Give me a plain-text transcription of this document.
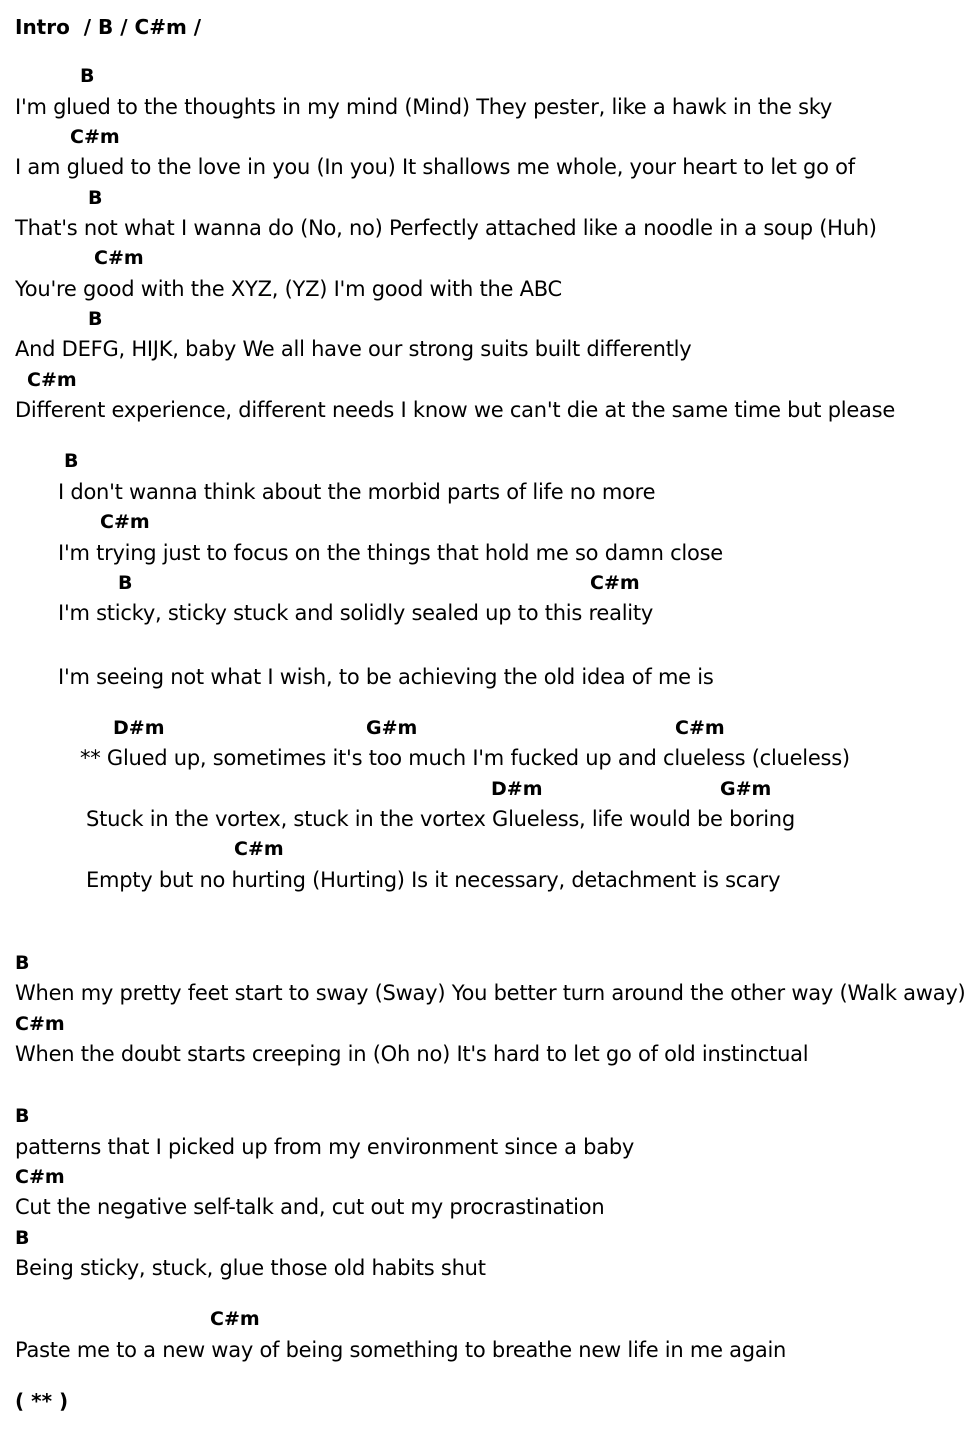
Intro  / B / C#m /
B
I'm glued to the thoughts in my mind (Mind) They pester, like a hawk in the sky
C#m
I am glued to the love in you (In you) It shallows me whole, your heart to let go of
B
That's not what I wanna do (No, no) Perfectly attached like a noodle in a soup (Huh)
C#m
You're good with the XYZ, (YZ) I'm good with the ABC
B
And DEFG, HIJK, baby We all have our strong suits built differently
C#m
Different experience, different needs I know we can't die at the same time but please
B
I don't wanna think about the morbid parts of life no more
C#m
I'm trying just to focus on the things that hold me so damn close
B	C#m
I'm sticky, sticky stuck and solidly sealed up to this reality
I'm seeing not what I wish, to be achieving the old idea of me is
D#m	G#m	C#m
** Glued up, sometimes it's too much I'm fucked up and clueless (clueless)
D#m	G#m
Stuck in the vortex, stuck in the vortex Glueless, life would be boring
C#m
Empty but no hurting (Hurting) Is it necessary, detachment is scary
B
When my pretty feet start to sway (Sway) You better turn around the other way (Walk away)
C#m
When the doubt starts creeping in (Oh no) It's hard to let go of old instinctual
B
patterns that I picked up from my environment since a baby
C#m
Cut the negative self-talk and, cut out my procrastination
B
Being sticky, stuck, glue those old habits shut
C#m
Paste me to a new way of being something to breathe new life in me again
( ** )
